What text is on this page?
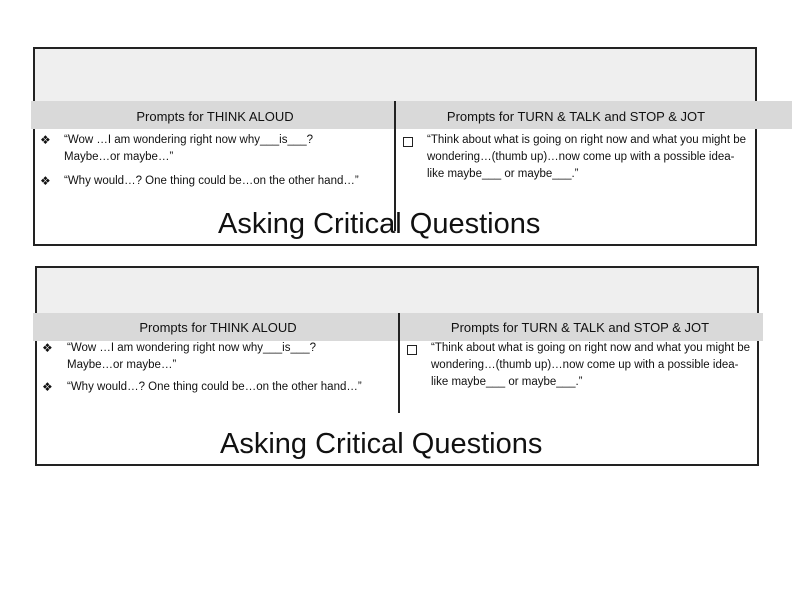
Prompts for THINK ALOUD	Prompts for TURN & TALK and STOP & JOT
❖ “Wow …I am wondering right now why___is___? Maybe…or maybe…”
❖ “Why would…? One thing could be…on the other hand…”
“Think about what is going on right now and what you might be wondering…(thumb up)…now come up with a possible idea- like maybe___ or maybe___.”
Asking Critical Questions
Prompts for THINK ALOUD	Prompts for TURN & TALK and STOP & JOT
❖ “Wow …I am wondering right now why___is___? Maybe…or maybe…”
❖ “Why would…? One thing could be…on the other hand…”
“Think about what is going on right now and what you might be wondering…(thumb up)…now come up with a possible idea- like maybe___ or maybe___.”
Asking Critical Questions
